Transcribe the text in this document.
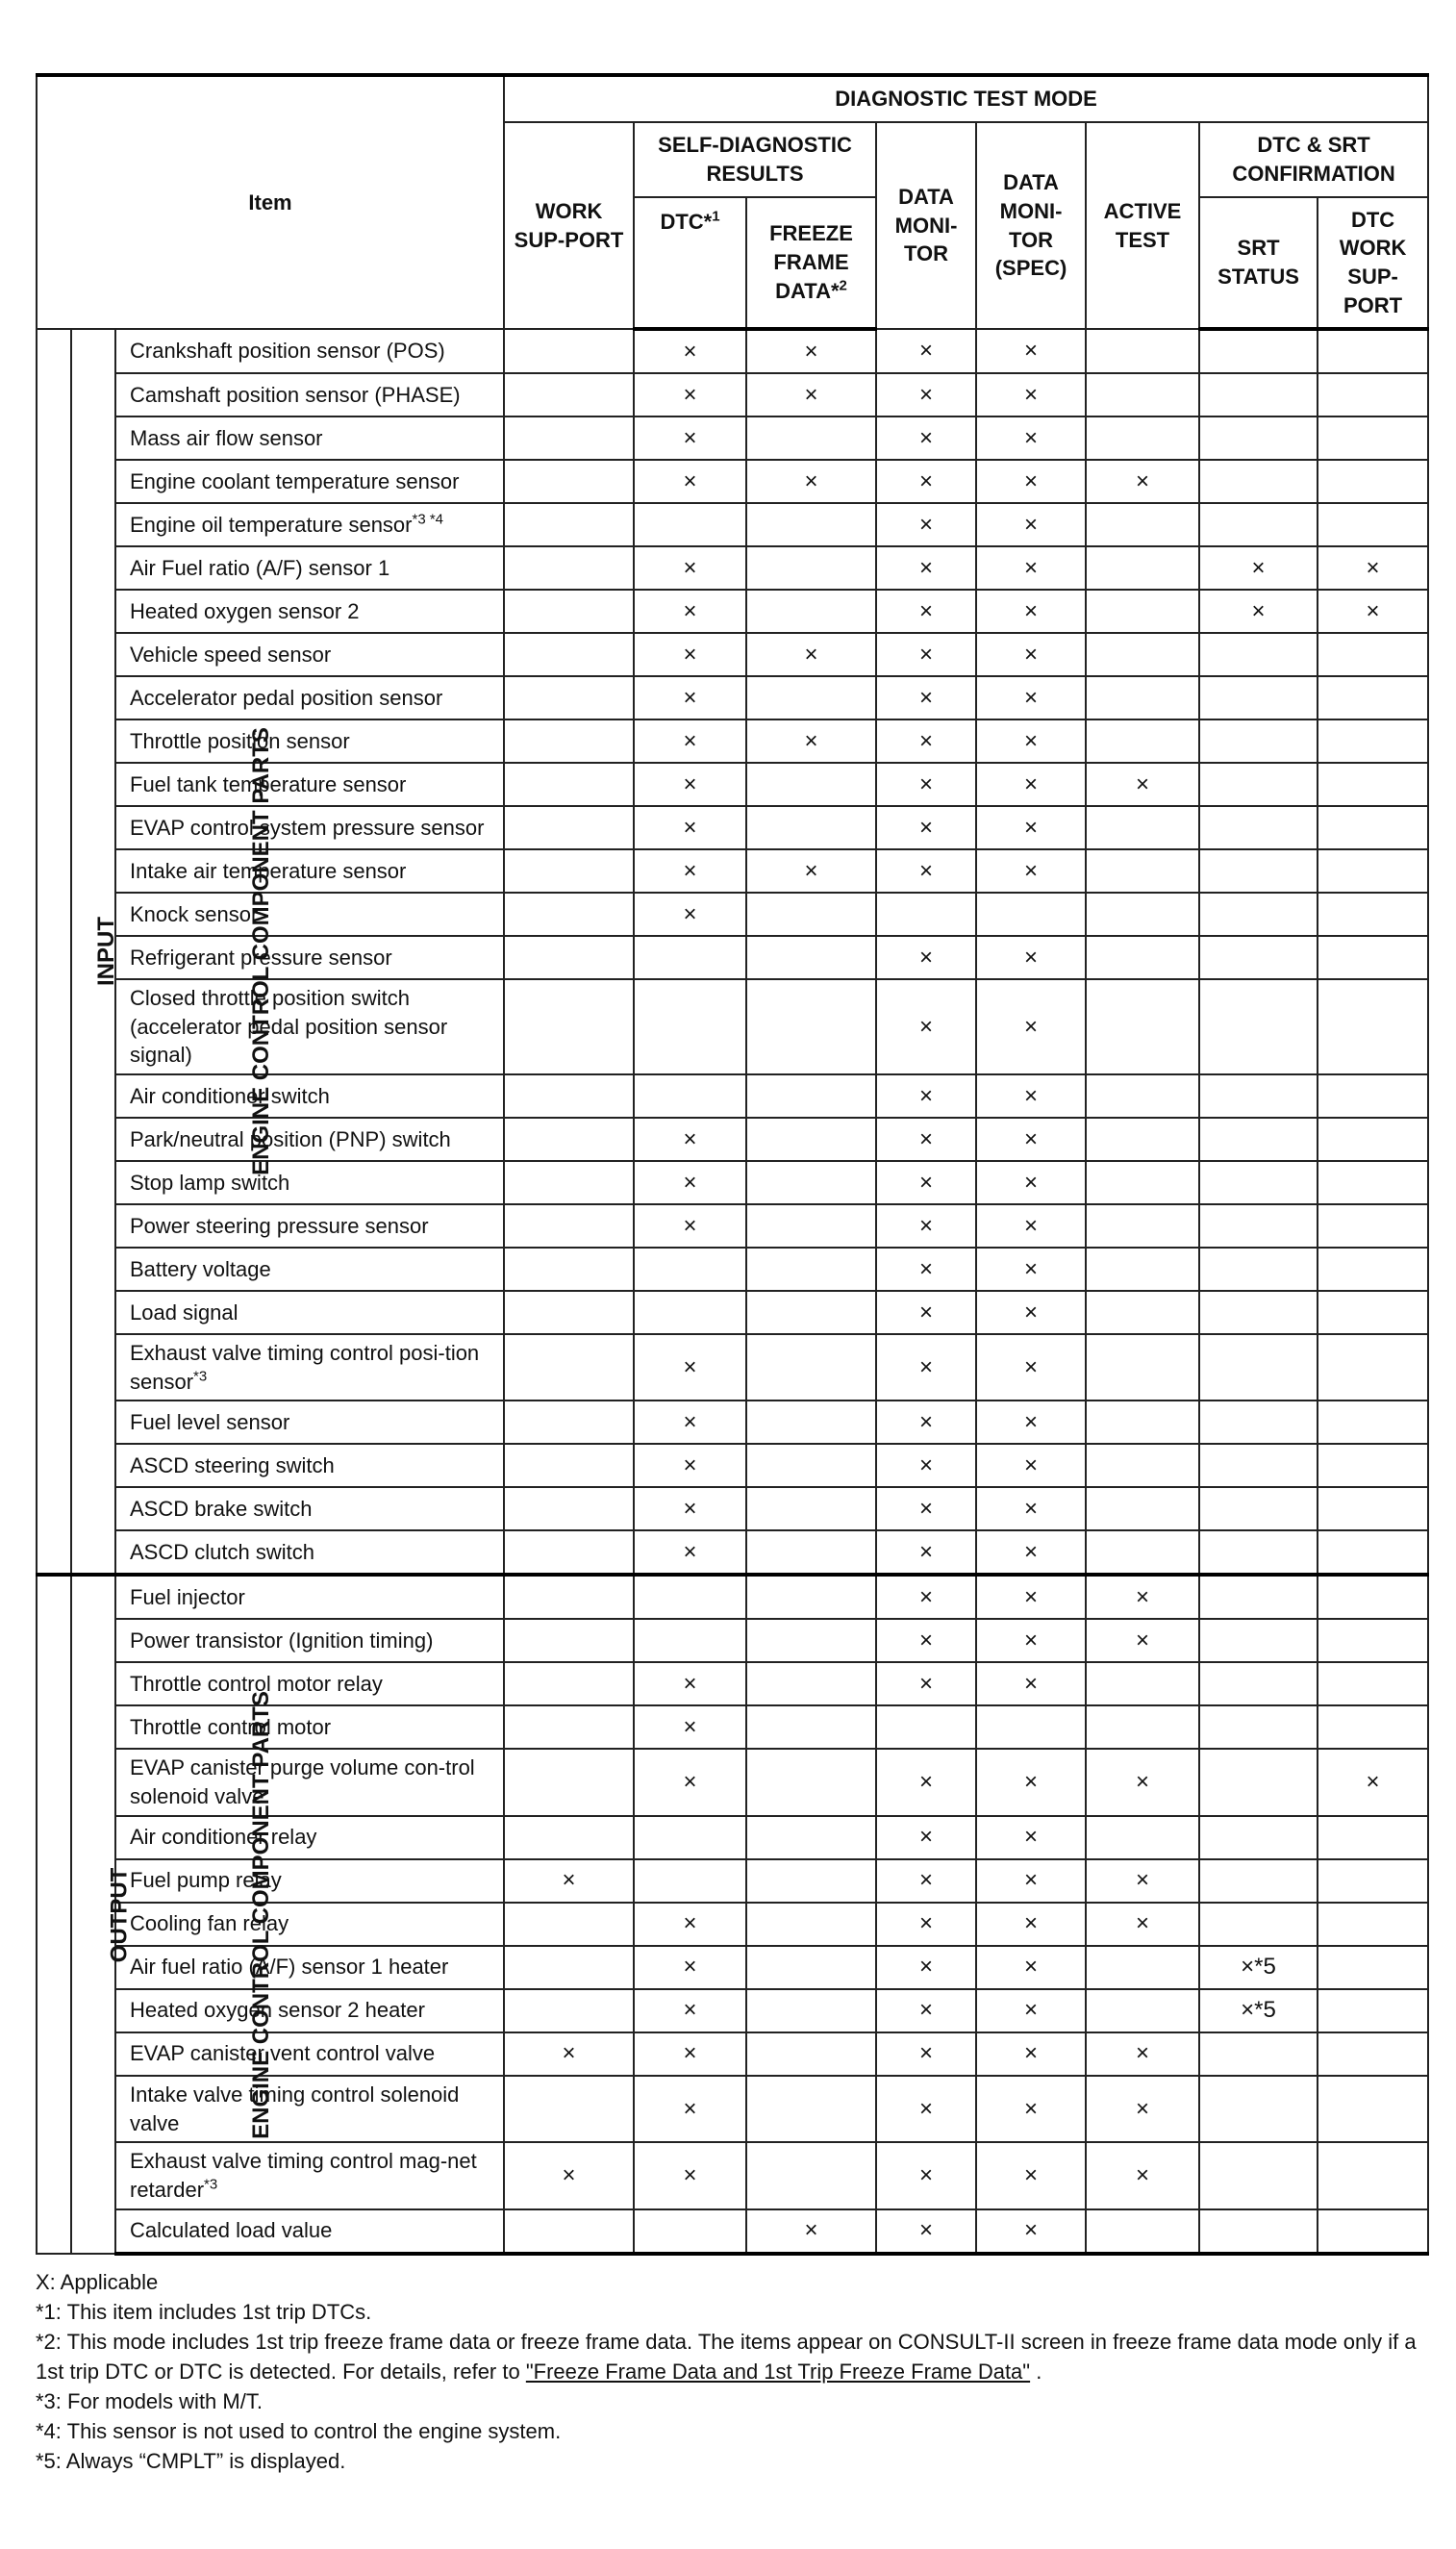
Item			DIAGNOSTIC TEST MODE							
			WORK SUP-PORT	SELF-DIAGNOSTIC RESULTS		DATA MONI-TOR	DATA MONI-TOR (SPEC)	ACTIVE TEST	DTC & SRT CONFIRMATION	
				DTC*$^1$	FREEZE FRAME DATA*$^2$				SRT STATUS	DTC WORK SUP-PORT
ENGINE CONTROL COMPONENT PARTS	INPUT	Crankshaft position sensor (POS)		×	×	×	×			
		Camshaft position sensor (PHASE)		×	×	×	×			
		Mass air flow sensor		×		×	×			
		Engine coolant temperature sensor		×	×	×	×	×		
		Engine oil temperature sensor$^{*3 *4}$				×	×			
		Air Fuel ratio (A/F) sensor 1		×		×	×		×	×
		Heated oxygen sensor 2		×		×	×		×	×
		Vehicle speed sensor		×	×	×	×			
		Accelerator pedal position sensor		×		×	×			
		Throttle position sensor		×	×	×	×			
		Fuel tank temperature sensor		×		×	×	×		
		EVAP control system pressure sensor		×		×	×			
		Intake air temperature sensor		×	×	×	×			
		Knock sensor		×						
		Refrigerant pressure sensor				×	×			
		Closed throttle position switch (accelerator pedal position sensor signal)				×	×			
		Air conditioner switch				×	×			
		Park/neutral position (PNP) switch		×		×	×			
		Stop lamp switch		×		×	×			
		Power steering pressure sensor		×		×	×			
		Battery voltage				×	×			
		Load signal				×	×			
		Exhaust valve timing control posi-tion sensor$^{*3}$		×		×	×			
		Fuel level sensor		×		×	×			
		ASCD steering switch		×		×	×			
		ASCD brake switch		×		×	×			
		ASCD clutch switch		×		×	×			
ENGINE CONTROL COMPONENT PARTS	OUTPUT	Fuel injector				×	×	×		
		Power transistor (Ignition timing)				×	×	×		
		Throttle control motor relay		×		×	×			
		Throttle control motor		×						
		EVAP canister purge volume con-trol solenoid valve		×		×	×	×		×
		Air conditioner relay				×	×			
		Fuel pump relay	×			×	×	×		
		Cooling fan relay		×		×	×	×		
		Air fuel ratio (A/F) sensor 1 heater		×		×	×		×*5	
		Heated oxygen sensor 2 heater		×		×	×		×*5	
		EVAP canister vent control valve	×	×		×	×	×		
		Intake valve timing control solenoid valve		×		×	×	×		
		Exhaust valve timing control mag-net retarder$^{*3}$	×	×		×	×	×		
		Calculated load value			×	×	×			

X: Applicable

*1: This item includes 1st trip DTCs.

*2: This mode includes 1st trip freeze frame data or freeze frame data. The items appear on CONSULT-II screen in freeze frame data mode only if a 1st trip DTC or DTC is detected. For details, refer to "Freeze Frame Data and 1st Trip Freeze Frame Data" .

*3: For models with M/T.

*4: This sensor is not used to control the engine system.

*5: Always “CMPLT” is displayed.
